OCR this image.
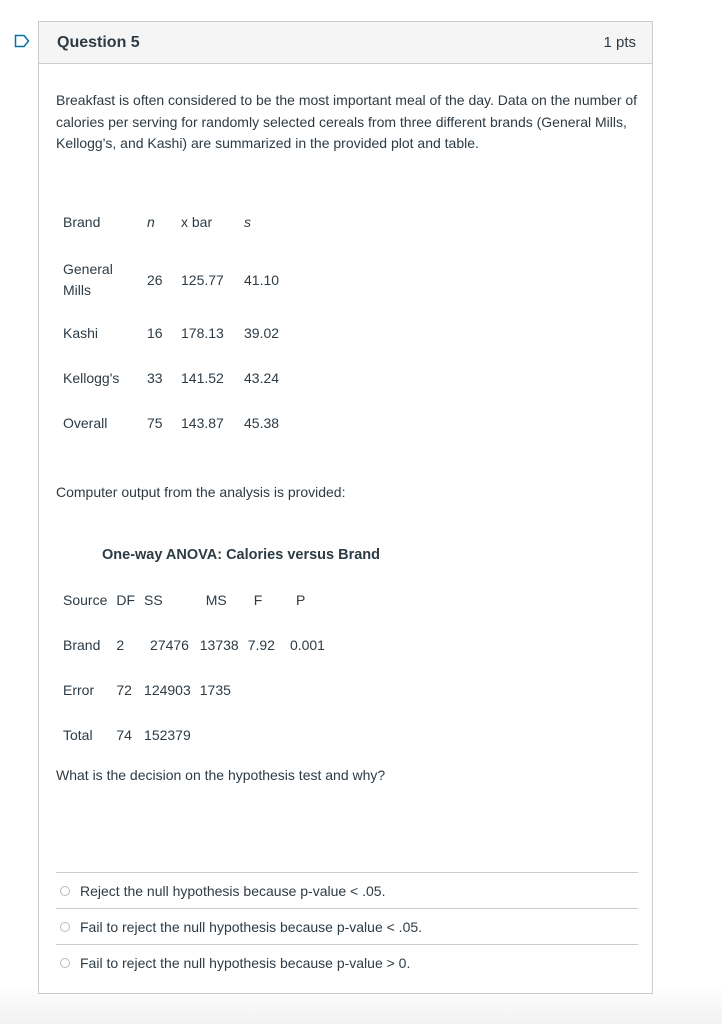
Question 5	1 pts
Breakfast is often considered to be the most important meal of the day. Data on the number of calories per serving for randomly selected cereals from three different brands (General Mills, Kellogg's, and Kashi) are summarized in the provided plot and table.
Brand	n	x bar	s

General Mills	26	125.77	41.10

Kashi	16	178.13	39.02

Kellogg's	33	141.52	43.24

Overall	75	143.87	45.38
Computer output from the analysis is provided:
One-way ANOVA: Calories versus Brand
Source	DF	SS	MS	F	P

Brand	2	27476	13738	7.92	0.001

Error	72	124903	1735		

Total	74	152379			
What is the decision on the hypothesis test and why?
Reject the null hypothesis because p-value < .05.
Fail to reject the null hypothesis because p-value < .05.
Fail to reject the null hypothesis because p-value > 0.
